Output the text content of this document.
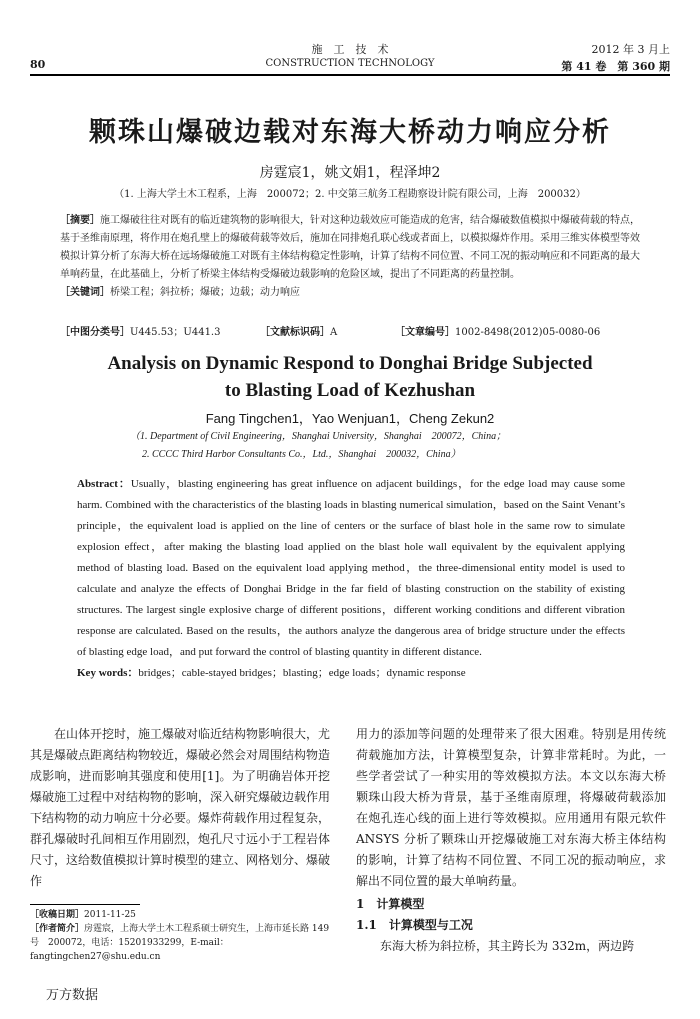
80
施　工　技　术
CONSTRUCTION TECHNOLOGY
2012 年 3 月上
第 41 卷　第 360 期
颗珠山爆破边载对东海大桥动力响应分析
房霆宸1，姚文娟1，程泽坤2
（1. 上海大学土木工程系，上海　200072；2. 中交第三航务工程勘察设计院有限公司，上海　200032）
［摘要］施工爆破往往对既有的临近建筑物的影响很大，针对这种边载效应可能造成的危害，结合爆破数值模拟中爆破荷载的特点，基于圣维南原理，将作用在炮孔壁上的爆破荷载等效后，施加在同排炮孔联心线或者面上，以模拟爆炸作用。采用三维实体模型等效模拟计算分析了东海大桥在远场爆破施工对既有主体结构稳定性影响，计算了结构不同位置、不同工况的振动响应和不同距离的最大单响药量，在此基础上，分析了桥梁主体结构受爆破边载影响的危险区域，提出了不同距离的药量控制。
［关键词］桥梁工程；斜拉桥；爆破；边载；动力响应
［中图分类号］U445.53；U441.3	［文献标识码］A	［文章编号］1002-8498(2012)05-0080-06
Analysis on Dynamic Respond to Donghai Bridge Subjected
to Blasting Load of Kezhushan
Fang Tingchen1，Yao Wenjuan1，Cheng Zekun2
（1. Department of Civil Engineering，Shanghai University，Shanghai　200072，China；
2. CCCC Third Harbor Consultants Co.，Ltd.，Shanghai　200032，China）
Abstract：Usually，blasting engineering has great influence on adjacent buildings，for the edge load may cause some harm. Combined with the characteristics of the blasting loads in blasting numerical simulation，based on the Saint Venant’s principle，the equivalent load is applied on the line of centers or the surface of blast hole in the same row to simulate explosion effect，after making the blasting load applied on the blast hole wall equivalent by the equivalent applying method of blasting load. Based on the equivalent load applying method，the three-dimensional entity model is used to calculate and analyze the effects of Donghai Bridge in the far field of blasting construction on the stability of existing structures. The largest single explosive charge of different positions，different working conditions and different vibration response are calculated. Based on the results，the authors analyze the dangerous area of bridge structure under the effects of blasting edge load，and put forward the control of blasting quantity in different distance.
Key words：bridges；cable-stayed bridges；blasting；edge loads；dynamic response
在山体开挖时，施工爆破对临近结构物影响很大，尤其是爆破点距离结构物较近，爆破必然会对周围结构物造成影响，进而影响其强度和使用[1]。为了明确岩体开挖爆破施工过程中对结构物的影响，深入研究爆破边载作用下结构物的动力响应十分必要。爆炸荷载作用过程复杂，群孔爆破时孔间相互作用剧烈，炮孔尺寸远小于工程岩体尺寸，这给数值模拟计算时模型的建立、网格划分、爆破作
［收稿日期］2011-11-25
［作者简介］房霆宸，上海大学土木工程系硕士研究生，上海市延长路 149 号　200072，电话：15201933299，E-mail：fangtingchen27@shu.edu.cn
用力的添加等问题的处理带来了很大困难。特别是用传统荷载施加方法，计算模型复杂，计算非常耗时。为此，一些学者尝试了一种实用的等效模拟方法。本文以东海大桥颗珠山段大桥为背景，基于圣维南原理，将爆破荷载添加在炮孔连心线的面上进行等效模拟。应用通用有限元软件 ANSYS 分析了颗珠山开挖爆破施工对东海大桥主体结构的影响，计算了结构不同位置、不同工况的振动响应，求解出不同位置的最大单响药量。
1　计算模型
1.1　计算模型与工况
东海大桥为斜拉桥，其主跨长为 332m，两边跨
万方数据
